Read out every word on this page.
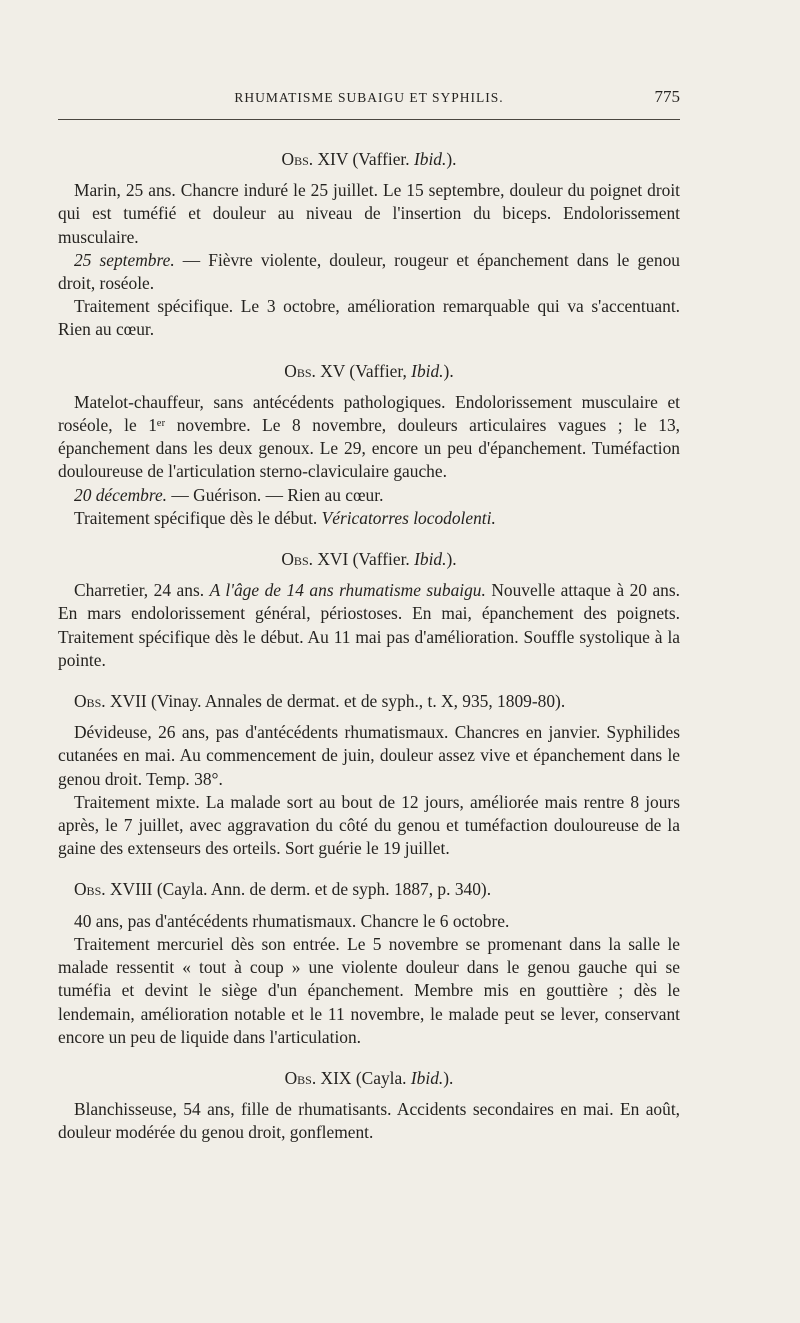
RHUMATISME SUBAIGU ET SYPHILIS.	775
Obs. XIV (Vaffier. Ibid.).

Marin, 25 ans. Chancre induré le 25 juillet. Le 15 septembre, douleur du poignet droit qui est tuméfié et douleur au niveau de l'insertion du biceps. Endolorissement musculaire.

25 septembre. — Fièvre violente, douleur, rougeur et épanchement dans le genou droit, roséole.

Traitement spécifique. Le 3 octobre, amélioration remarquable qui va s'accentuant. Rien au cœur.

Obs. XV (Vaffier, Ibid.).

Matelot-chauffeur, sans antécédents pathologiques. Endolorissement musculaire et roséole, le 1ᵉʳ novembre. Le 8 novembre, douleurs articulaires vagues ; le 13, épanchement dans les deux genoux. Le 29, encore un peu d'épanchement. Tuméfaction douloureuse de l'articulation sterno-claviculaire gauche.

20 décembre. — Guérison. — Rien au cœur.

Traitement spécifique dès le début. Véricatorres locodolenti.

Obs. XVI (Vaffier. Ibid.).

Charretier, 24 ans. A l'âge de 14 ans rhumatisme subaigu. Nouvelle attaque à 20 ans. En mars endolorissement général, périostoses. En mai, épanchement des poignets. Traitement spécifique dès le début. Au 11 mai pas d'amélioration. Souffle systolique à la pointe.

Obs. XVII (Vinay. Annales de dermat. et de syph., t. X, 935, 1809-80).

Dévideuse, 26 ans, pas d'antécédents rhumatismaux. Chancres en janvier. Syphilides cutanées en mai. Au commencement de juin, douleur assez vive et épanchement dans le genou droit. Temp. 38°.

Traitement mixte. La malade sort au bout de 12 jours, améliorée mais rentre 8 jours après, le 7 juillet, avec aggravation du côté du genou et tuméfaction douloureuse de la gaine des extenseurs des orteils. Sort guérie le 19 juillet.

Obs. XVIII (Cayla. Ann. de derm. et de syph. 1887, p. 340).

40 ans, pas d'antécédents rhumatismaux. Chancre le 6 octobre.

Traitement mercuriel dès son entrée. Le 5 novembre se promenant dans la salle le malade ressentit « tout à coup » une violente douleur dans le genou gauche qui se tuméfia et devint le siège d'un épanchement. Membre mis en gouttière ; dès le lendemain, amélioration notable et le 11 novembre, le malade peut se lever, conservant encore un peu de liquide dans l'articulation.

Obs. XIX (Cayla. Ibid.).

Blanchisseuse, 54 ans, fille de rhumatisants. Accidents secondaires en mai. En août, douleur modérée du genou droit, gonflement.
